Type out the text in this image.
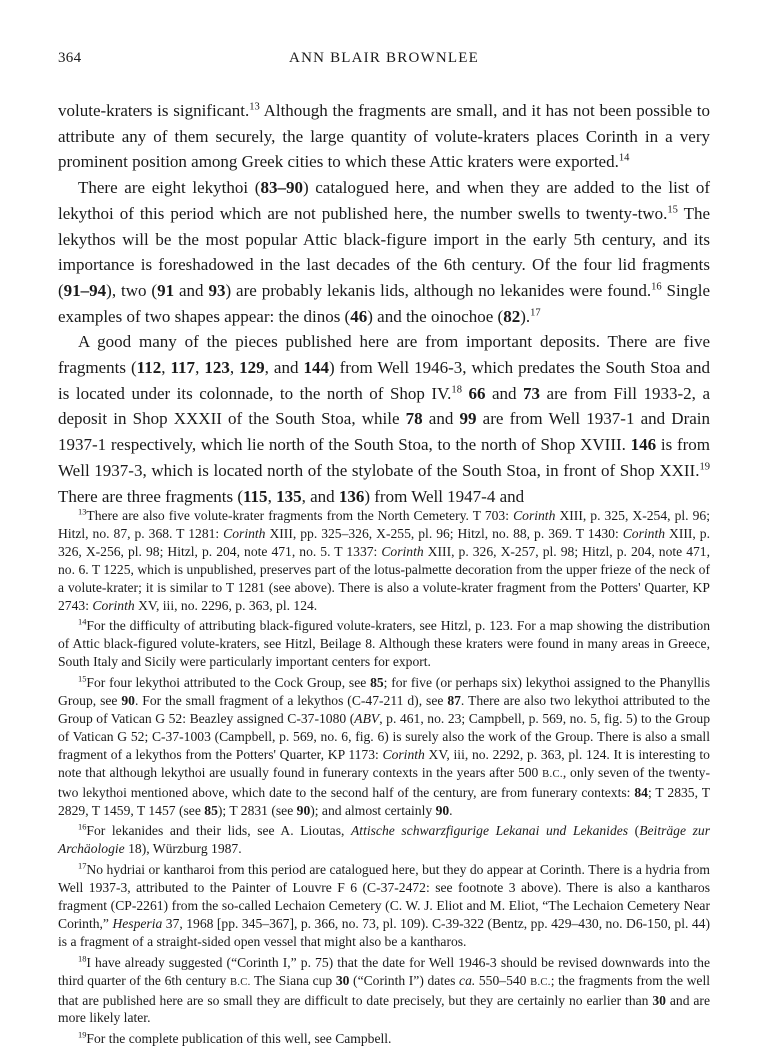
364	ANN BLAIR BROWNLEE

volute-kraters is significant.$^{13}$ Although the fragments are small, and it has not been possible to attribute any of them securely, the large quantity of volute-kraters places Corinth in a very prominent position among Greek cities to which these Attic kraters were exported.$^{14}$

There are eight lekythoi (83–90) catalogued here, and when they are added to the list of lekythoi of this period which are not published here, the number swells to twenty-two.$^{15}$ The lekythos will be the most popular Attic black-figure import in the early 5th century, and its importance is foreshadowed in the last decades of the 6th century. Of the four lid fragments (91–94), two (91 and 93) are probably lekanis lids, although no lekanides were found.$^{16}$ Single examples of two shapes appear: the dinos (46) and the oinochoe (82).$^{17}$

A good many of the pieces published here are from important deposits. There are five fragments (112, 117, 123, 129, and 144) from Well 1946-3, which predates the South Stoa and is located under its colonnade, to the north of Shop IV.$^{18}$ 66 and 73 are from Fill 1933-2, a deposit in Shop XXXII of the South Stoa, while 78 and 99 are from Well 1937-1 and Drain 1937-1 respectively, which lie north of the South Stoa, to the north of Shop XVIII. 146 is from Well 1937-3, which is located north of the stylobate of the South Stoa, in front of Shop XXII.$^{19}$ There are three fragments (115, 135, and 136) from Well 1947-4 and

$^{13}$There are also five volute-krater fragments from the North Cemetery. T 703: Corinth XIII, p. 325, X-254, pl. 96; Hitzl, no. 87, p. 368. T 1281: Corinth XIII, pp. 325–326, X-255, pl. 96; Hitzl, no. 88, p. 369. T 1430: Corinth XIII, p. 326, X-256, pl. 98; Hitzl, p. 204, note 471, no. 5. T 1337: Corinth XIII, p. 326, X-257, pl. 98; Hitzl, p. 204, note 471, no. 6. T 1225, which is unpublished, preserves part of the lotus-palmette decoration from the upper frieze of the neck of a volute-krater; it is similar to T 1281 (see above). There is also a volute-krater fragment from the Potters' Quarter, KP 2743: Corinth XV, iii, no. 2296, p. 363, pl. 124.

$^{14}$For the difficulty of attributing black-figured volute-kraters, see Hitzl, p. 123. For a map showing the distribution of Attic black-figured volute-kraters, see Hitzl, Beilage 8. Although these kraters were found in many areas in Greece, South Italy and Sicily were particularly important centers for export.

$^{15}$For four lekythoi attributed to the Cock Group, see 85; for five (or perhaps six) lekythoi assigned to the Phanyllis Group, see 90. For the small fragment of a lekythos (C-47-211 d), see 87. There are also two lekythoi attributed to the Group of Vatican G 52: Beazley assigned C-37-1080 (ABV, p. 461, no. 23; Campbell, p. 569, no. 5, fig. 5) to the Group of Vatican G 52; C-37-1003 (Campbell, p. 569, no. 6, fig. 6) is surely also the work of the Group. There is also a small fragment of a lekythos from the Potters' Quarter, KP 1173: Corinth XV, iii, no. 2292, p. 363, pl. 124. It is interesting to note that although lekythoi are usually found in funerary contexts in the years after 500 B.C., only seven of the twenty-two lekythoi mentioned above, which date to the second half of the century, are from funerary contexts: 84; T 2835, T 2829, T 1459, T 1457 (see 85); T 2831 (see 90); and almost certainly 90.

$^{16}$For lekanides and their lids, see A. Lioutas, Attische schwarzfigurige Lekanai und Lekanides (Beiträge zur Archäologie 18), Würzburg 1987.

$^{17}$No hydriai or kantharoi from this period are catalogued here, but they do appear at Corinth. There is a hydria from Well 1937-3, attributed to the Painter of Louvre F 6 (C-37-2472: see footnote 3 above). There is also a kantharos fragment (CP-2261) from the so-called Lechaion Cemetery (C. W. J. Eliot and M. Eliot, “The Lechaion Cemetery Near Corinth,” Hesperia 37, 1968 [pp. 345–367], p. 366, no. 73, pl. 109). C-39-322 (Bentz, pp. 429–430, no. D6-150, pl. 44) is a fragment of a straight-sided open vessel that might also be a kantharos.

$^{18}$I have already suggested (“Corinth I,” p. 75) that the date for Well 1946-3 should be revised downwards into the third quarter of the 6th century B.C. The Siana cup 30 (“Corinth I”) dates ca. 550–540 B.C.; the fragments from the well that are published here are so small they are difficult to date precisely, but they are certainly no earlier than 30 and are more likely later.

$^{19}$For the complete publication of this well, see Campbell.
